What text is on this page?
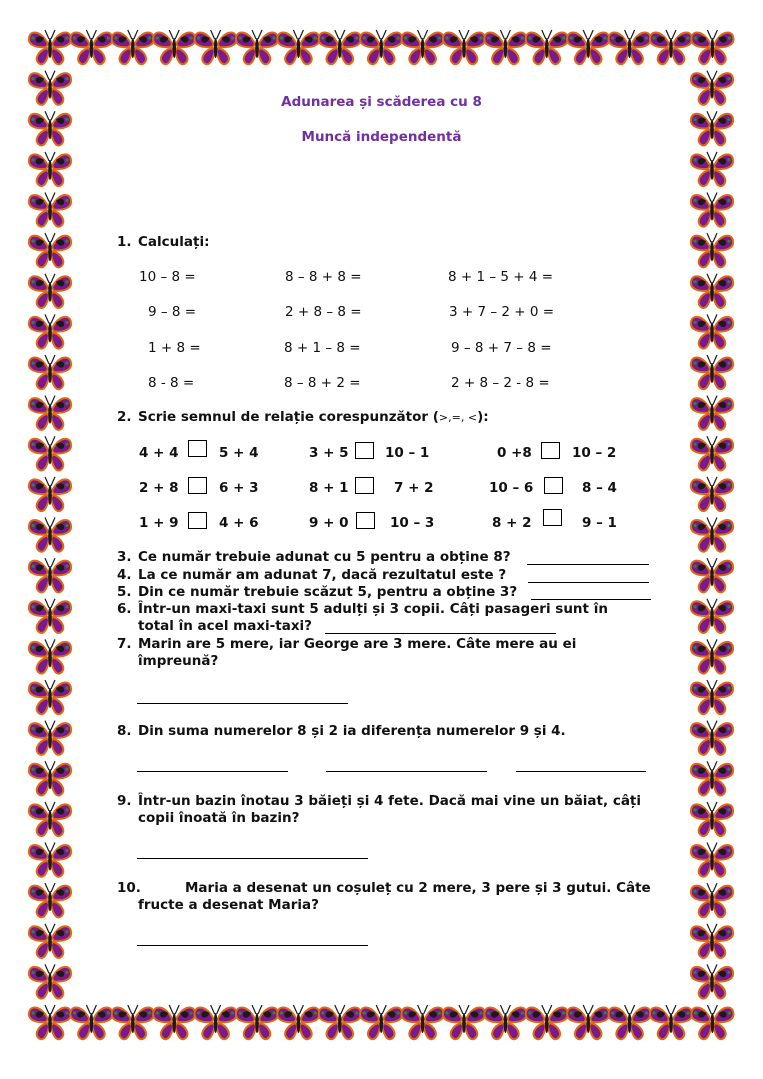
Adunarea și scăderea cu 8
Muncă independentă
1. Calculați:
10 – 8 =	8 – 8 + 8 =	8 + 1 – 5 + 4 =
9 – 8 =	2 + 8 – 8 =	3 + 7 – 2 + 0 =
1 + 8 =	8 + 1 – 8 =	9 – 8 + 7 – 8 =
8 - 8 =	8 – 8 + 2 =	2 + 8 – 2 - 8 =
2. Scrie semnul de relație corespunzător (>,=, <):
4 + 4	5 + 4	3 + 5	10 – 1	0 +8	10 – 2
2 + 8	6 + 3	8 + 1	7 + 2	10 – 6	8 – 4
1 + 9	4 + 6	9 + 0	10 – 3	8 + 2	9 – 1
3. Ce număr trebuie adunat cu 5 pentru a obține 8?
4. La ce număr am adunat 7, dacă rezultatul este ?
5. Din ce număr trebuie scăzut 5, pentru a obține 3?
6. Într-un maxi-taxi sunt 5 adulți și 3 copii. Câți pasageri sunt în
total în acel maxi-taxi?
7. Marin are 5 mere, iar George are 3 mere. Câte mere au ei
împreună?
8. Din suma numerelor 8 și 2 ia diferența numerelor 9 și 4.
9. Într-un bazin înotau 3 băieți și 4 fete. Dacă mai vine un băiat, câți
copii înoată în bazin?
10.	Maria a desenat un coșuleț cu 2 mere, 3 pere și 3 gutui. Câte
fructe a desenat Maria?
